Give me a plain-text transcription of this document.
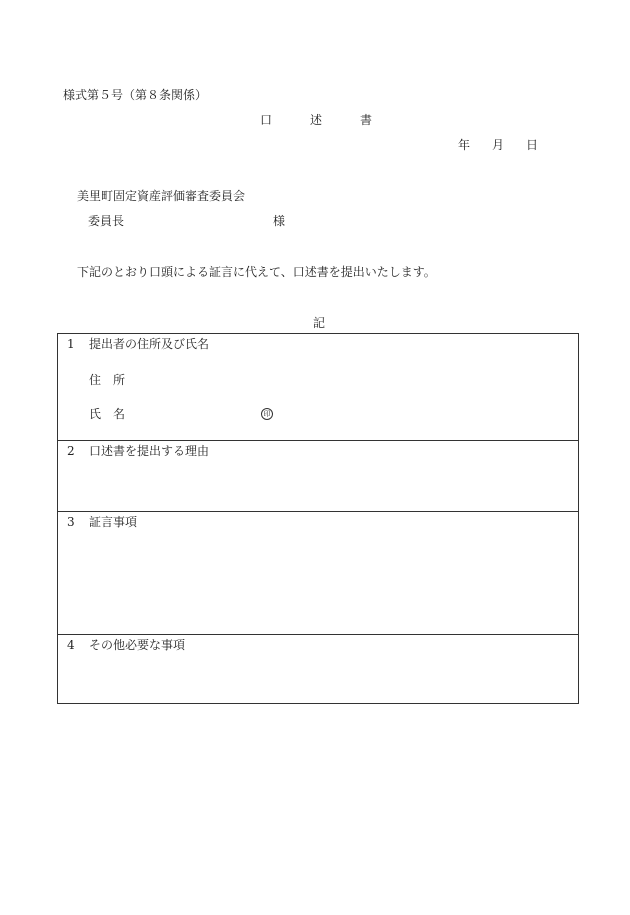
様式第５号（第８条関係）
口	述	書
年 月 日
美里町固定資産評価審査委員会
委員長	様
下記のとおり口頭による証言に代えて、口述書を提出いたします。
記
1 提出者の住所及び氏名
住　所
氏　名	印
2 口述書を提出する理由
3 証言事項
4 その他必要な事項
